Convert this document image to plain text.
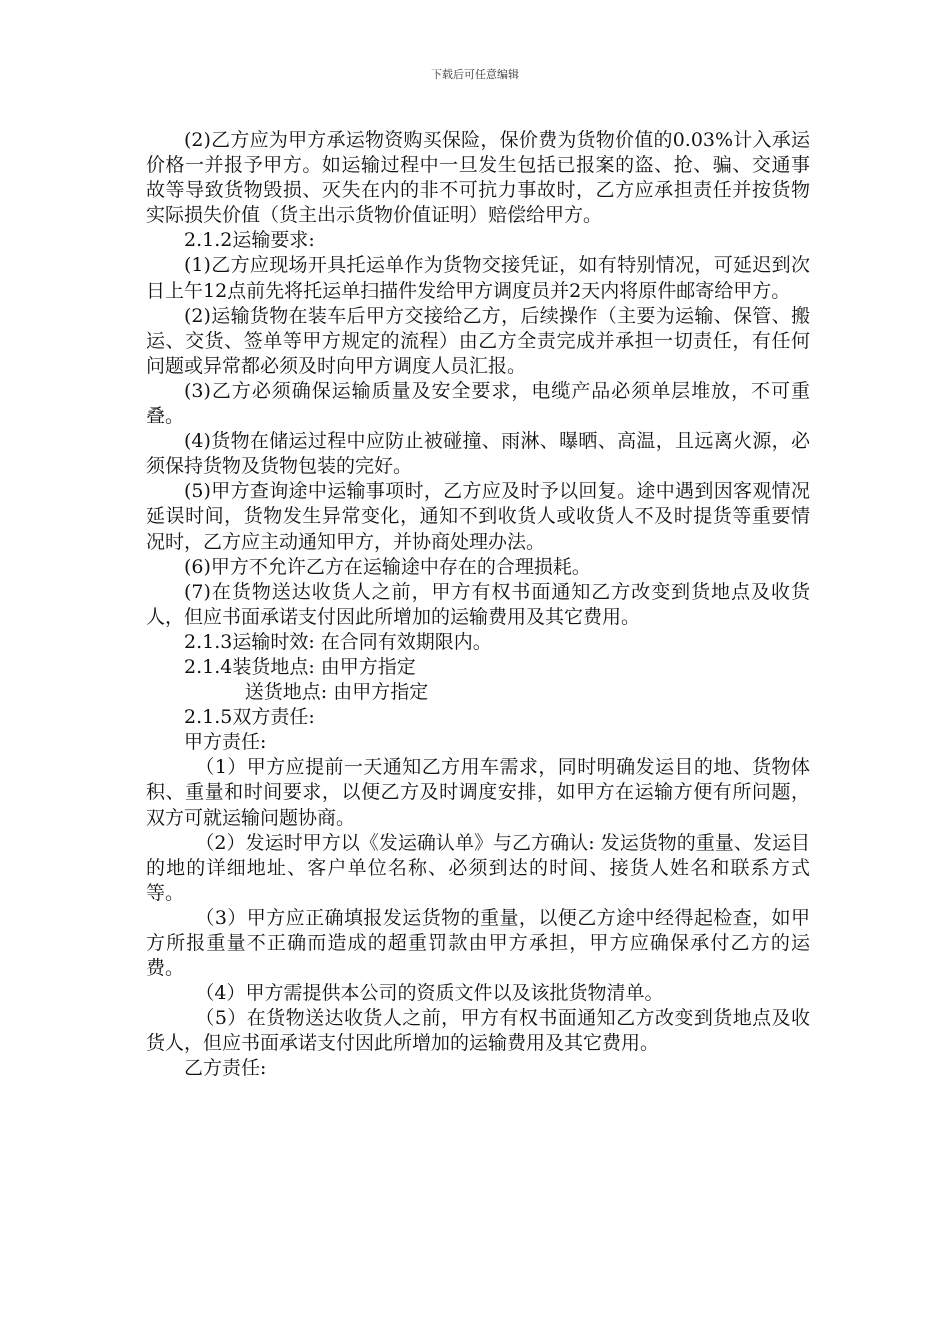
下载后可任意编辑

(2)乙方应为甲方承运物资购买保险，保价费为货物价值的0.03%计入承运价格一并报予甲方。如运输过程中一旦发生包括已报案的盗、抢、骗、交通事故等导致货物毁损、灭失在内的非不可抗力事故时，乙方应承担责任并按货物实际损失价值（货主出示货物价值证明）赔偿给甲方。

2.1.2运输要求:

(1)乙方应现场开具托运单作为货物交接凭证，如有特别情况，可延迟到次日上午12点前先将托运单扫描件发给甲方调度员并2天内将原件邮寄给甲方。

(2)运输货物在装车后甲方交接给乙方，后续操作（主要为运输、保管、搬运、交货、签单等甲方规定的流程）由乙方全责完成并承担一切责任，有任何问题或异常都必须及时向甲方调度人员汇报。

(3)乙方必须确保运输质量及安全要求，电缆产品必须单层堆放，不可重叠。

(4)货物在储运过程中应防止被碰撞、雨淋、曝晒、高温，且远离火源，必须保持货物及货物包装的完好。

(5)甲方查询途中运输事项时，乙方应及时予以回复。途中遇到因客观情况延误时间，货物发生异常变化，通知不到收货人或收货人不及时提货等重要情况时，乙方应主动通知甲方，并协商处理办法。

(6)甲方不允许乙方在运输途中存在的合理损耗。

(7)在货物送达收货人之前，甲方有权书面通知乙方改变到货地点及收货人，但应书面承诺支付因此所增加的运输费用及其它费用。

2.1.3运输时效: 在合同有效期限内。

2.1.4装货地点: 由甲方指定

送货地点: 由甲方指定

2.1.5双方责任:

甲方责任:

（1）甲方应提前一天通知乙方用车需求，同时明确发运目的地、货物体积、重量和时间要求，以便乙方及时调度安排，如甲方在运输方便有所问题，双方可就运输问题协商。

（2）发运时甲方以《发运确认单》与乙方确认: 发运货物的重量、发运目的地的详细地址、客户单位名称、必须到达的时间、接货人姓名和联系方式等。

（3）甲方应正确填报发运货物的重量，以便乙方途中经得起检查，如甲方所报重量不正确而造成的超重罚款由甲方承担，甲方应确保承付乙方的运费。

（4）甲方需提供本公司的资质文件以及该批货物清单。

（5）在货物送达收货人之前，甲方有权书面通知乙方改变到货地点及收货人，但应书面承诺支付因此所增加的运输费用及其它费用。

乙方责任:
